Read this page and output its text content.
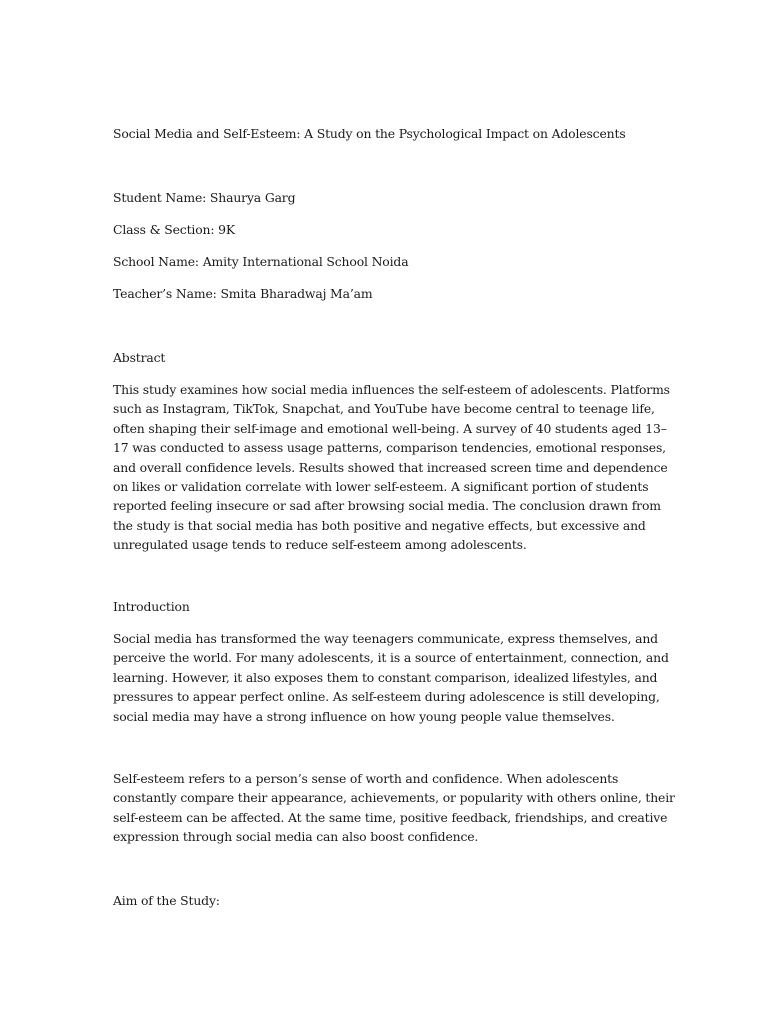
Social Media and Self-Esteem: A Study on the Psychological Impact on Adolescents
Student Name: Shaurya Garg
Class & Section: 9K
School Name: Amity International School Noida
Teacher’s Name: Smita Bharadwaj Ma’am
Abstract
This study examines how social media influences the self-esteem of adolescents. Platforms
such as Instagram, TikTok, Snapchat, and YouTube have become central to teenage life,
often shaping their self-image and emotional well-being. A survey of 40 students aged 13–
17 was conducted to assess usage patterns, comparison tendencies, emotional responses,
and overall confidence levels. Results showed that increased screen time and dependence
on likes or validation correlate with lower self-esteem. A significant portion of students
reported feeling insecure or sad after browsing social media. The conclusion drawn from
the study is that social media has both positive and negative effects, but excessive and
unregulated usage tends to reduce self-esteem among adolescents.
Introduction
Social media has transformed the way teenagers communicate, express themselves, and
perceive the world. For many adolescents, it is a source of entertainment, connection, and
learning. However, it also exposes them to constant comparison, idealized lifestyles, and
pressures to appear perfect online. As self-esteem during adolescence is still developing,
social media may have a strong influence on how young people value themselves.
Self-esteem refers to a person’s sense of worth and confidence. When adolescents
constantly compare their appearance, achievements, or popularity with others online, their
self-esteem can be affected. At the same time, positive feedback, friendships, and creative
expression through social media can also boost confidence.
Aim of the Study:
